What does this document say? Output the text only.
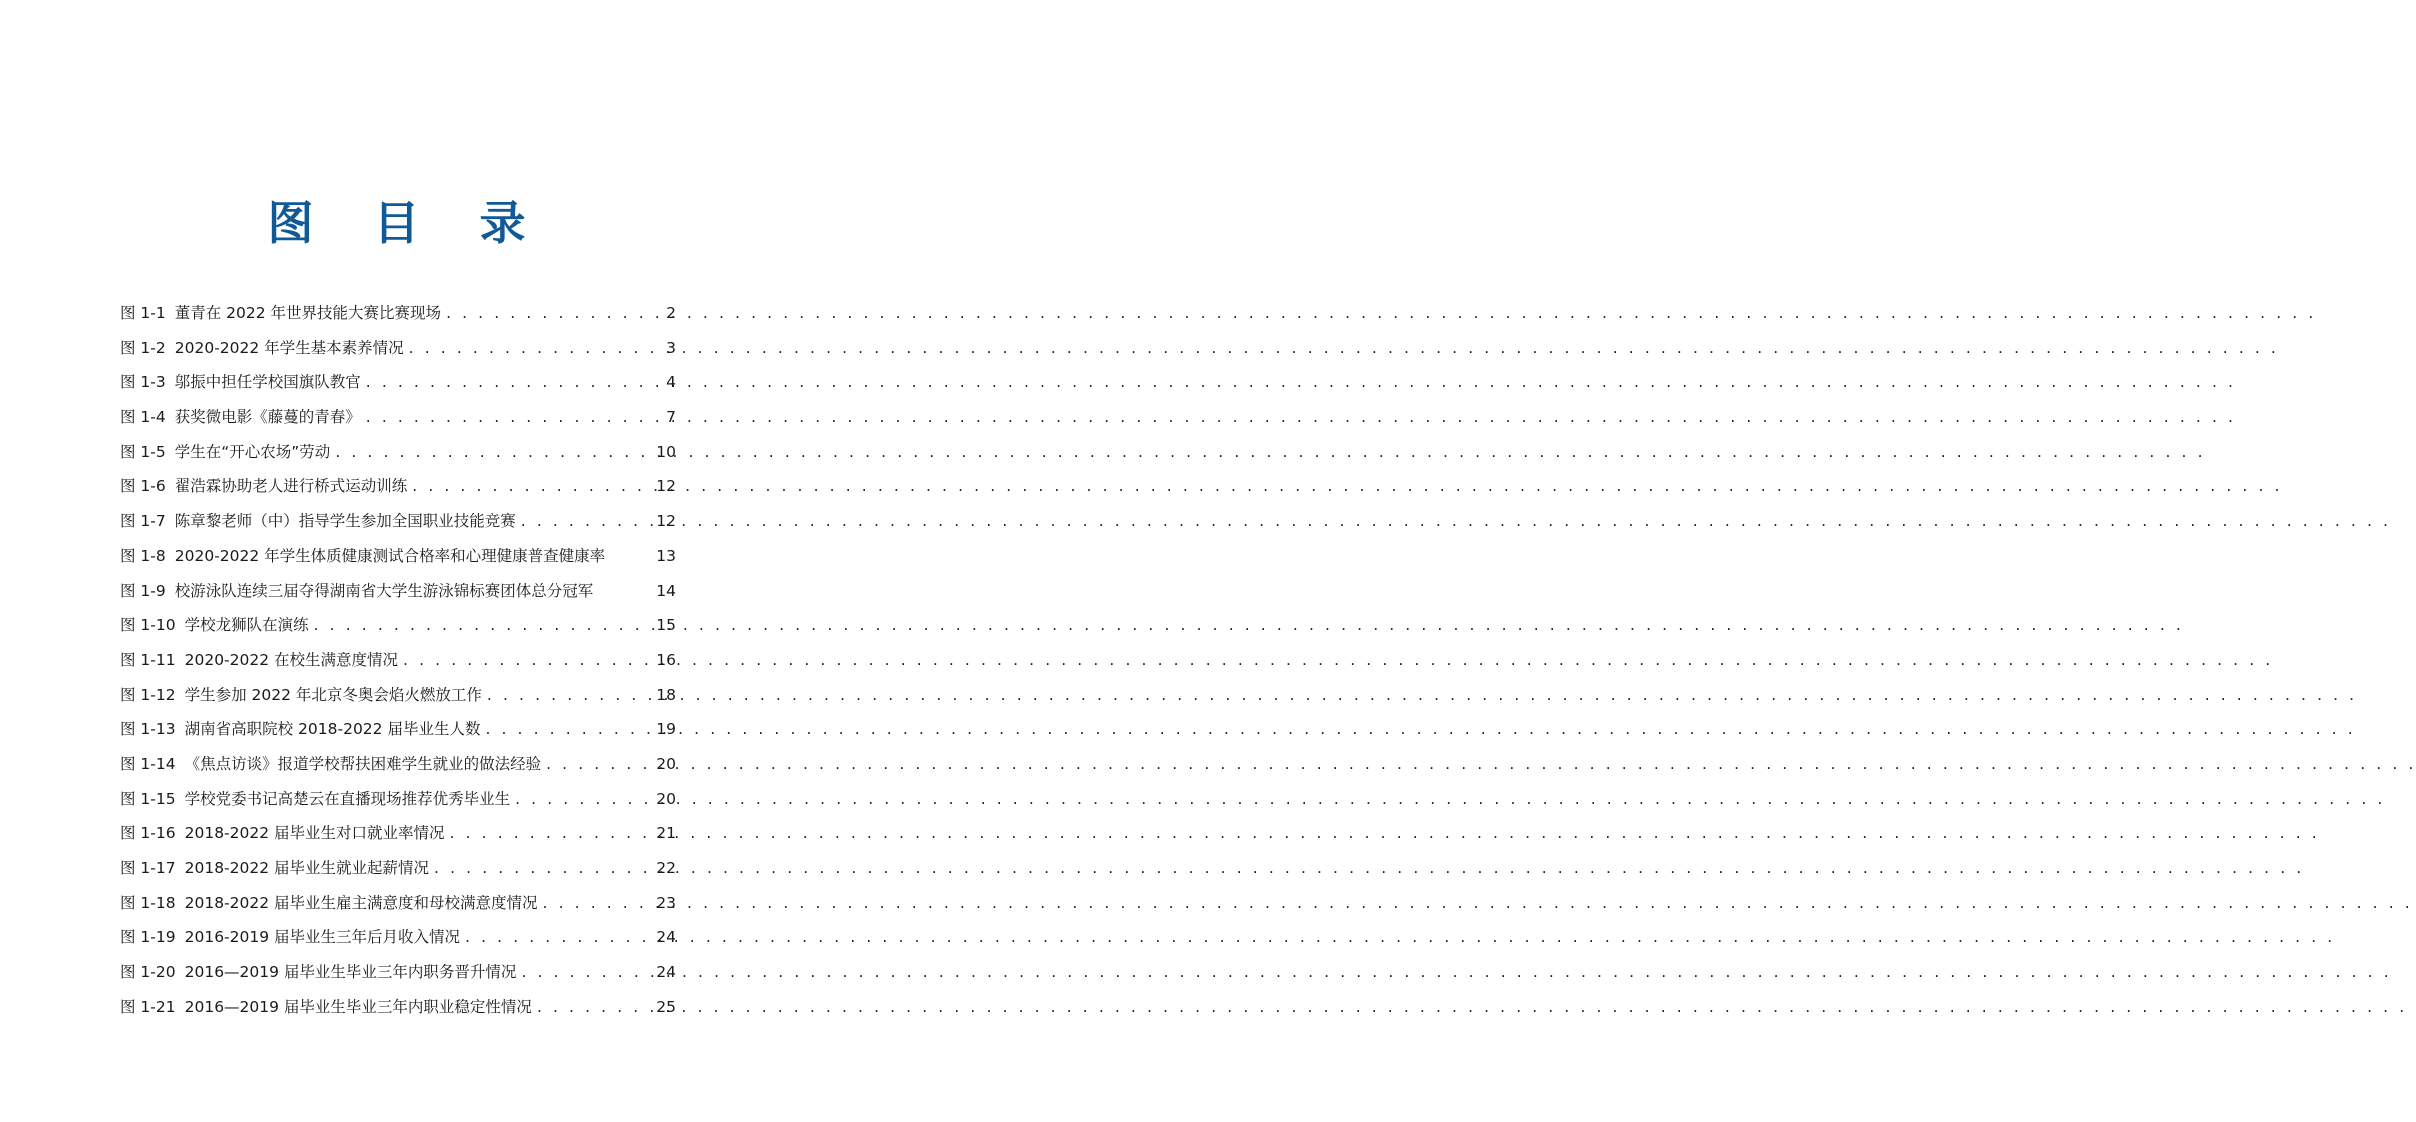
图 目 录
图 1-1 董青在 2022 年世界技能大赛比赛现场 . . .	2
图 1-2 2020-2022 年学生基本素养情况 . . .	3
图 1-3 邬振中担任学校国旗队教官 . . .	4
图 1-4 获奖微电影《藤蔓的青春》 . . .	7
图 1-5 学生在“开心农场”劳动 . . .	10
图 1-6 翟浩霖协助老人进行桥式运动训练 . . .	12
图 1-7 陈章黎老师（中）指导学生参加全国职业技能竞赛 . . .	12
图 1-8 2020-2022 年学生体质健康测试合格率和心理健康普查健康率	13
图 1-9 校游泳队连续三届夺得湖南省大学生游泳锦标赛团体总分冠军	14
图 1-10 学校龙狮队在演练 . . .	15
图 1-11 2020-2022 在校生满意度情况 . . .	16
图 1-12 学生参加 2022 年北京冬奥会焰火燃放工作 . . .	18
图 1-13 湖南省高职院校 2018-2022 届毕业生人数 . . .	19
图 1-14 《焦点访谈》报道学校帮扶困难学生就业的做法经验 . . .	20
图 1-15 学校党委书记高楚云在直播现场推荐优秀毕业生 . . .	20
图 1-16 2018-2022 届毕业生对口就业率情况 . . .	21
图 1-17 2018-2022 届毕业生就业起薪情况 . . .	22
图 1-18 2018-2022 届毕业生雇主满意度和母校满意度情况 . . .	23
图 1-19 2016-2019 届毕业生三年后月收入情况 . . .	24
图 1-20 2016—2019 届毕业生毕业三年内职务晋升情况 . . .	24
图 1-21 2016—2019 届毕业生毕业三年内职业稳定性情况 . . .	25
